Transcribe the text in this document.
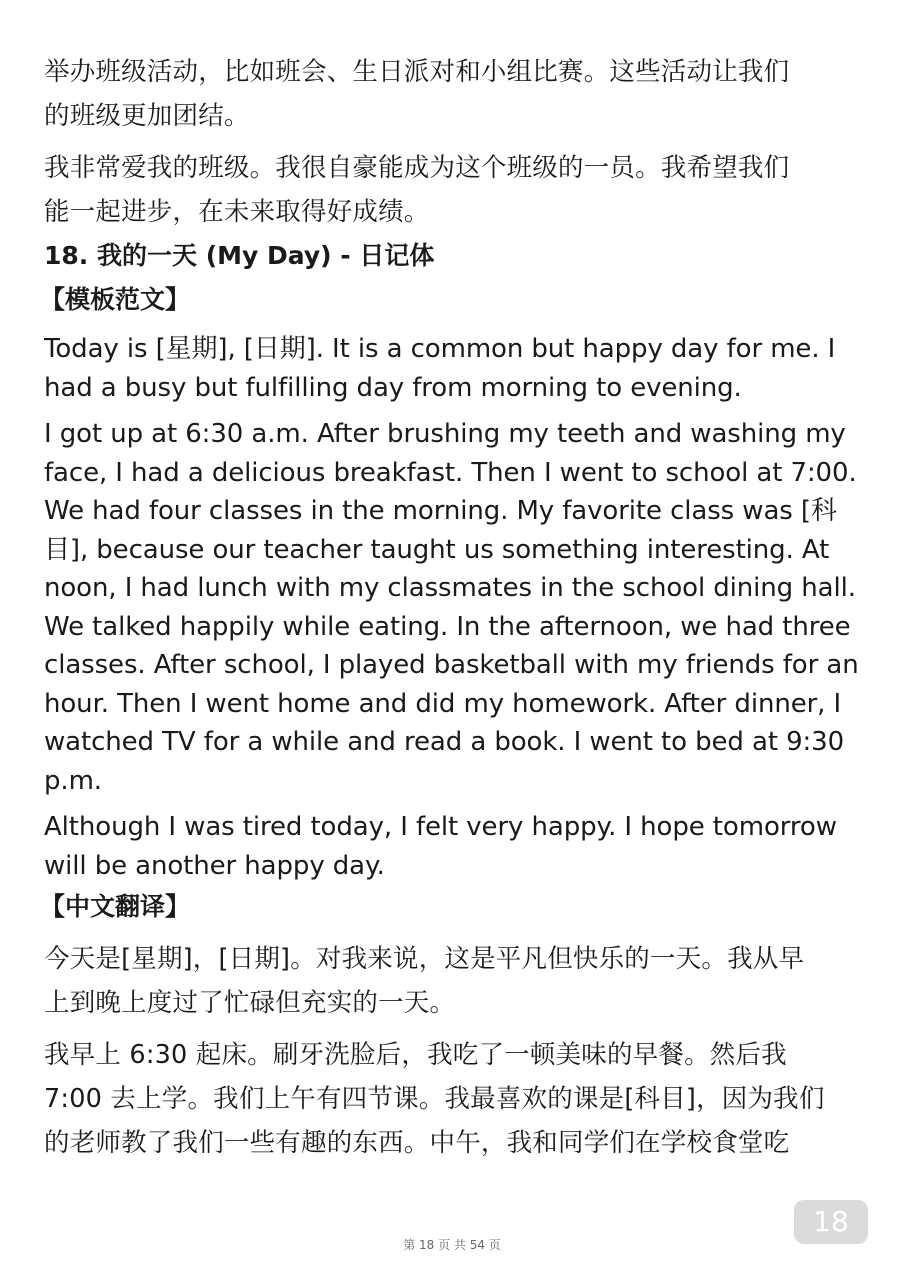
举办班级活动，比如班会、生日派对和小组比赛。这些活动让我们
的班级更加团结。

我非常爱我的班级。我很自豪能成为这个班级的一员。我希望我们
能一起进步，在未来取得好成绩。

18. 我的一天 (My Day) - 日记体

【模板范文】

Today is [星期], [日期]. It is a common but happy day for me. I
had a busy but fulfilling day from morning to evening.

I got up at 6:30 a.m. After brushing my teeth and washing my
face, I had a delicious breakfast. Then I went to school at 7:00.
We had four classes in the morning. My favorite class was [科
目], because our teacher taught us something interesting. At
noon, I had lunch with my classmates in the school dining hall.
We talked happily while eating. In the afternoon, we had three
classes. After school, I played basketball with my friends for an
hour. Then I went home and did my homework. After dinner, I
watched TV for a while and read a book. I went to bed at 9:30
p.m.

Although I was tired today, I felt very happy. I hope tomorrow
will be another happy day.

【中文翻译】

今天是[星期]，[日期]。对我来说，这是平凡但快乐的一天。我从早
上到晚上度过了忙碌但充实的一天。

我早上 6:30 起床。刷牙洗脸后，我吃了一顿美味的早餐。然后我
7:00 去上学。我们上午有四节课。我最喜欢的课是[科目]，因为我们
的老师教了我们一些有趣的东西。中午，我和同学们在学校食堂吃

第 18 页 共 54 页
18
